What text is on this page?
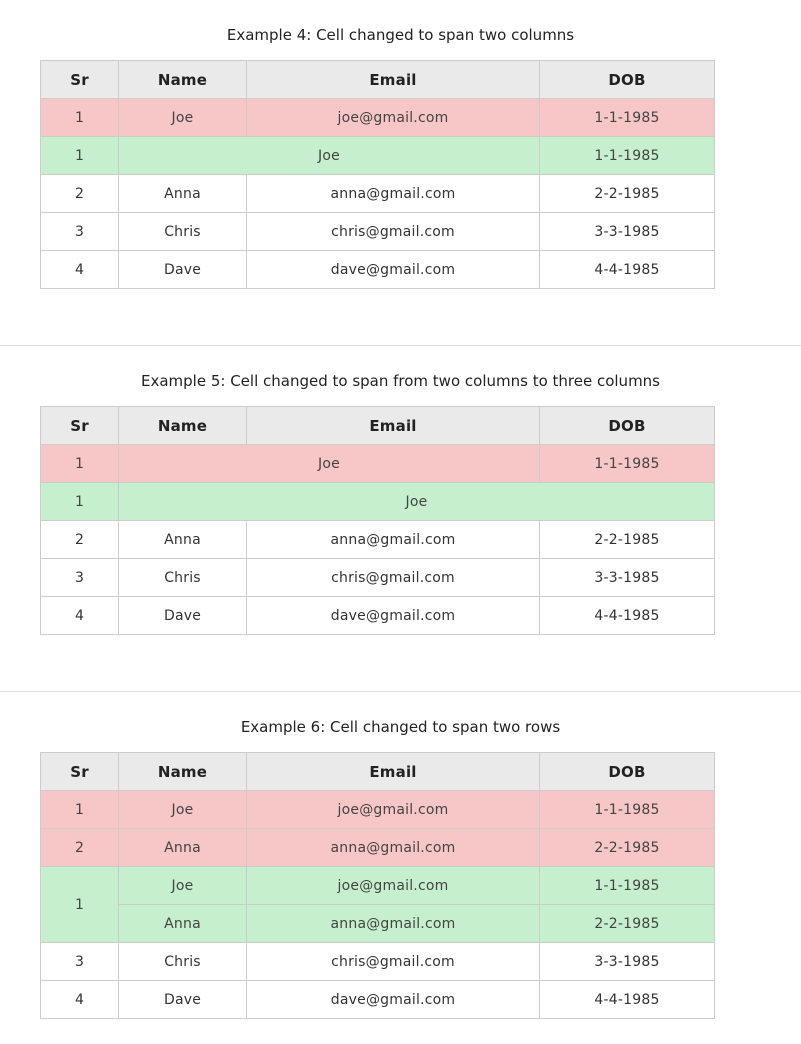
Example 4: Cell changed to span two columns
Sr	Name	Email	DOB
1	Joe	joe@gmail.com	1-1-1985
1	Joe		1-1-1985
2	Anna	anna@gmail.com	2-2-1985
3	Chris	chris@gmail.com	3-3-1985
4	Dave	dave@gmail.com	4-4-1985
Example 5: Cell changed to span from two columns to three columns
Sr	Name	Email	DOB
1	Joe		1-1-1985
1	Joe		
2	Anna	anna@gmail.com	2-2-1985
3	Chris	chris@gmail.com	3-3-1985
4	Dave	dave@gmail.com	4-4-1985
Example 6: Cell changed to span two rows
Sr	Name	Email	DOB
1	Joe	joe@gmail.com	1-1-1985
2	Anna	anna@gmail.com	2-2-1985
1	Joe	joe@gmail.com	1-1-1985
	Anna	anna@gmail.com	2-2-1985
3	Chris	chris@gmail.com	3-3-1985
4	Dave	dave@gmail.com	4-4-1985
